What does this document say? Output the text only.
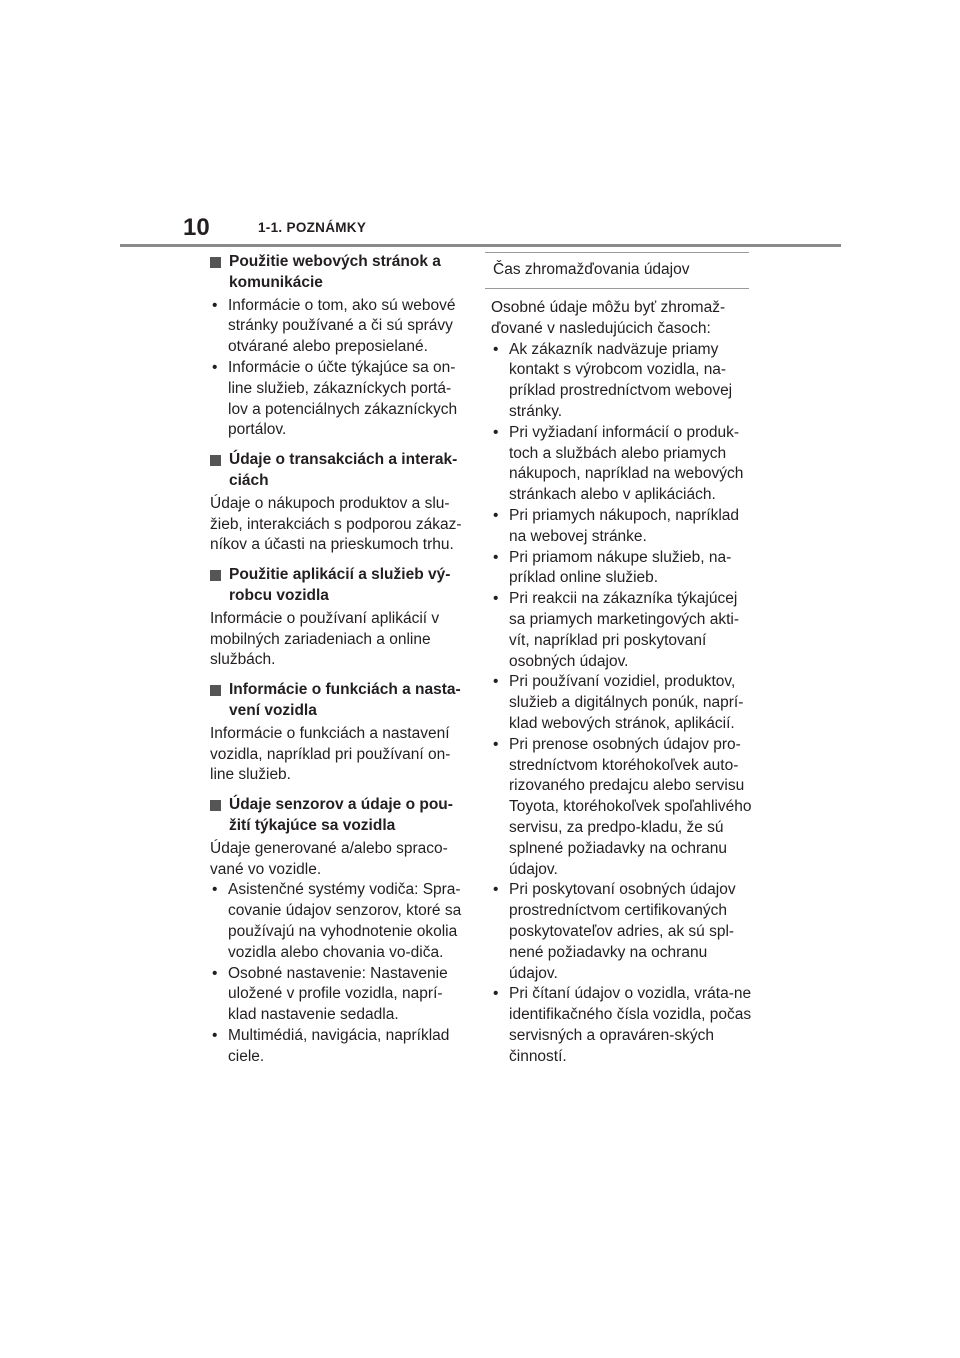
10	1-1. POZNÁMKY
Použitie webových stránok a komunikácie
• Informácie o tom, ako sú webové stránky používané a či sú správy otvárané alebo preposielané.
• Informácie o účte týkajúce sa on-line služieb, zákazníckych portá-lov a potenciálnych zákazníckych portálov.
Údaje o transakciách a interak-ciách
Údaje o nákupoch produktov a slu-žieb, interakciách s podporou zákaz-níkov a účasti na prieskumoch trhu.
Použitie aplikácií a služieb vý-robcu vozidla
Informácie o používaní aplikácií v mobilných zariadeniach a online službách.
Informácie o funkciách a nasta-vení vozidla
Informácie o funkciách a nastavení vozidla, napríklad pri používaní on-line služieb.
Údaje senzorov a údaje o pou-žití týkajúce sa vozidla
Údaje generované a/alebo spraco-vané vo vozidle.
• Asistenčné systémy vodiča: Spra-covanie údajov senzorov, ktoré sa používajú na vyhodnotenie okolia vozidla alebo chovania vo-diča.
• Osobné nastavenie: Nastavenie uložené v profile vozidla, naprí-klad nastavenie sedadla.
• Multimédiá, navigácia, napríklad ciele.
Čas zhromažďovania údajov
Osobné údaje môžu byť zhromaž-ďované v nasledujúcich časoch:
• Ak zákazník nadväzuje priamy kontakt s výrobcom vozidla, na-príklad prostredníctvom webovej stránky.
• Pri vyžiadaní informácií o produk-toch a službách alebo priamych nákupoch, napríklad na webových stránkach alebo v aplikáciách.
• Pri priamych nákupoch, napríklad na webovej stránke.
• Pri priamom nákupe služieb, na-príklad online služieb.
• Pri reakcii na zákazníka týkajúcej sa priamych marketingových akti-vít, napríklad pri poskytovaní osobných údajov.
• Pri používaní vozidiel, produktov, služieb a digitálnych ponúk, naprí-klad webových stránok, aplikácií.
• Pri prenose osobných údajov pro-stredníctvom ktoréhokoľvek auto-rizovaného predajcu alebo servisu Toyota, ktoréhokoľvek spoľahlivého servisu, za predpo-kladu, že sú splnené požiadavky na ochranu údajov.
• Pri poskytovaní osobných údajov prostredníctvom certifikovaných poskytovateľov adries, ak sú spl-nené požiadavky na ochranu údajov.
• Pri čítaní údajov o vozidla, vráta-ne identifikačného čísla vozidla, počas servisných a opraváren-ských činností.
